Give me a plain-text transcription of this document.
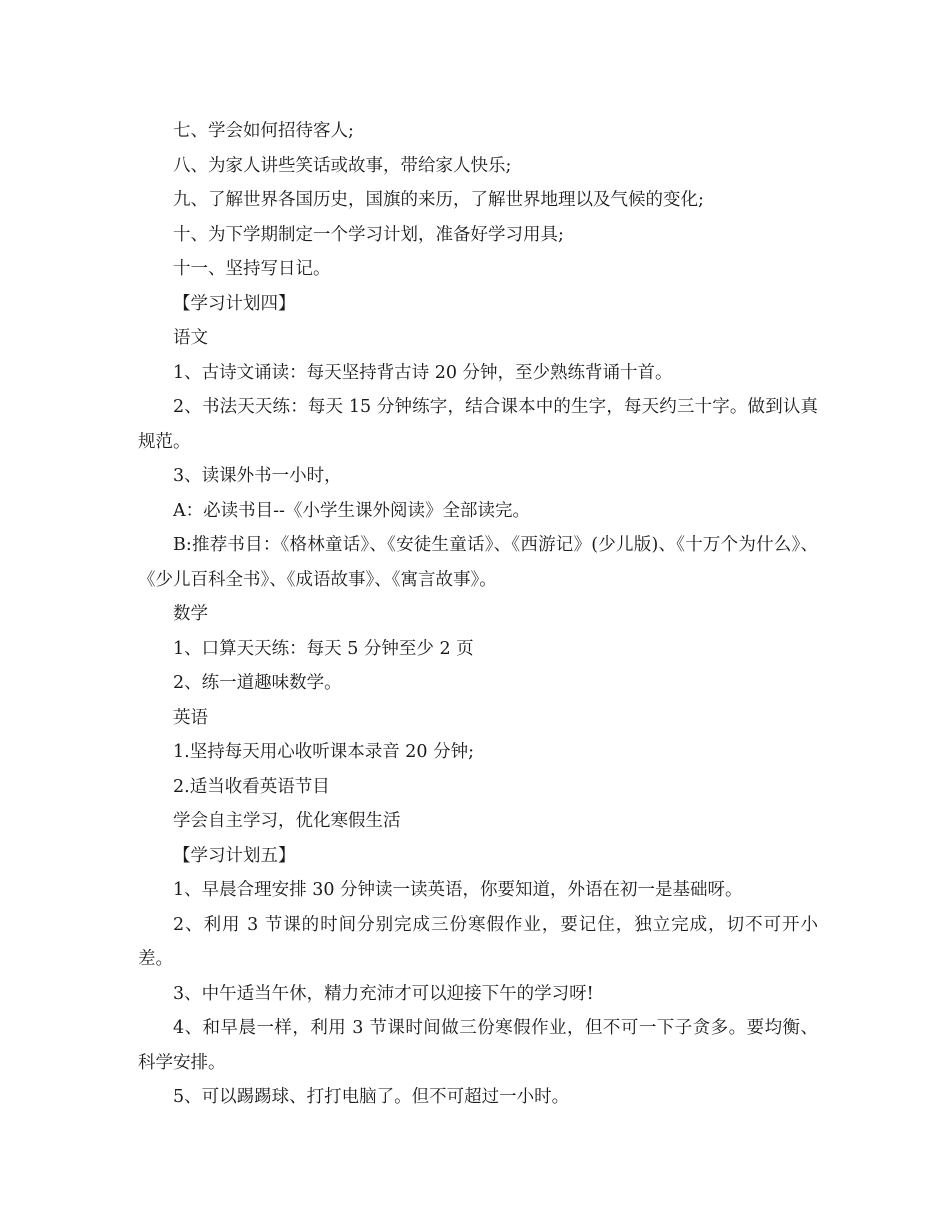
七、学会如何招待客人;

八、为家人讲些笑话或故事，带给家人快乐;

九、了解世界各国历史，国旗的来历，了解世界地理以及气候的变化;

十、为下学期制定一个学习计划，准备好学习用具;

十一、坚持写日记。

【学习计划四】

语文

1、古诗文诵读：每天坚持背古诗 20 分钟，至少熟练背诵十首。

2、书法天天练：每天 15 分钟练字，结合课本中的生字，每天约三十字。做到认真规范。

3、读课外书一小时，

A：必读书目--《小学生课外阅读》全部读完。

B:推荐书目：《格林童话》、《安徒生童话》、《西游记》(少儿版)、《十万个为什么》、《少儿百科全书》、《成语故事》、《寓言故事》。

数学

1、口算天天练：每天 5 分钟至少 2 页

2、练一道趣味数学。

英语

1.坚持每天用心收听课本录音 20 分钟;

2.适当收看英语节目

学会自主学习，优化寒假生活

【学习计划五】

1、早晨合理安排 30 分钟读一读英语，你要知道，外语在初一是基础呀。

2、利用 3 节课的时间分别完成三份寒假作业，要记住，独立完成，切不可开小差。

3、中午适当午休，精力充沛才可以迎接下午的学习呀!

4、和早晨一样，利用 3 节课时间做三份寒假作业，但不可一下子贪多。要均衡、科学安排。

5、可以踢踢球、打打电脑了。但不可超过一小时。
